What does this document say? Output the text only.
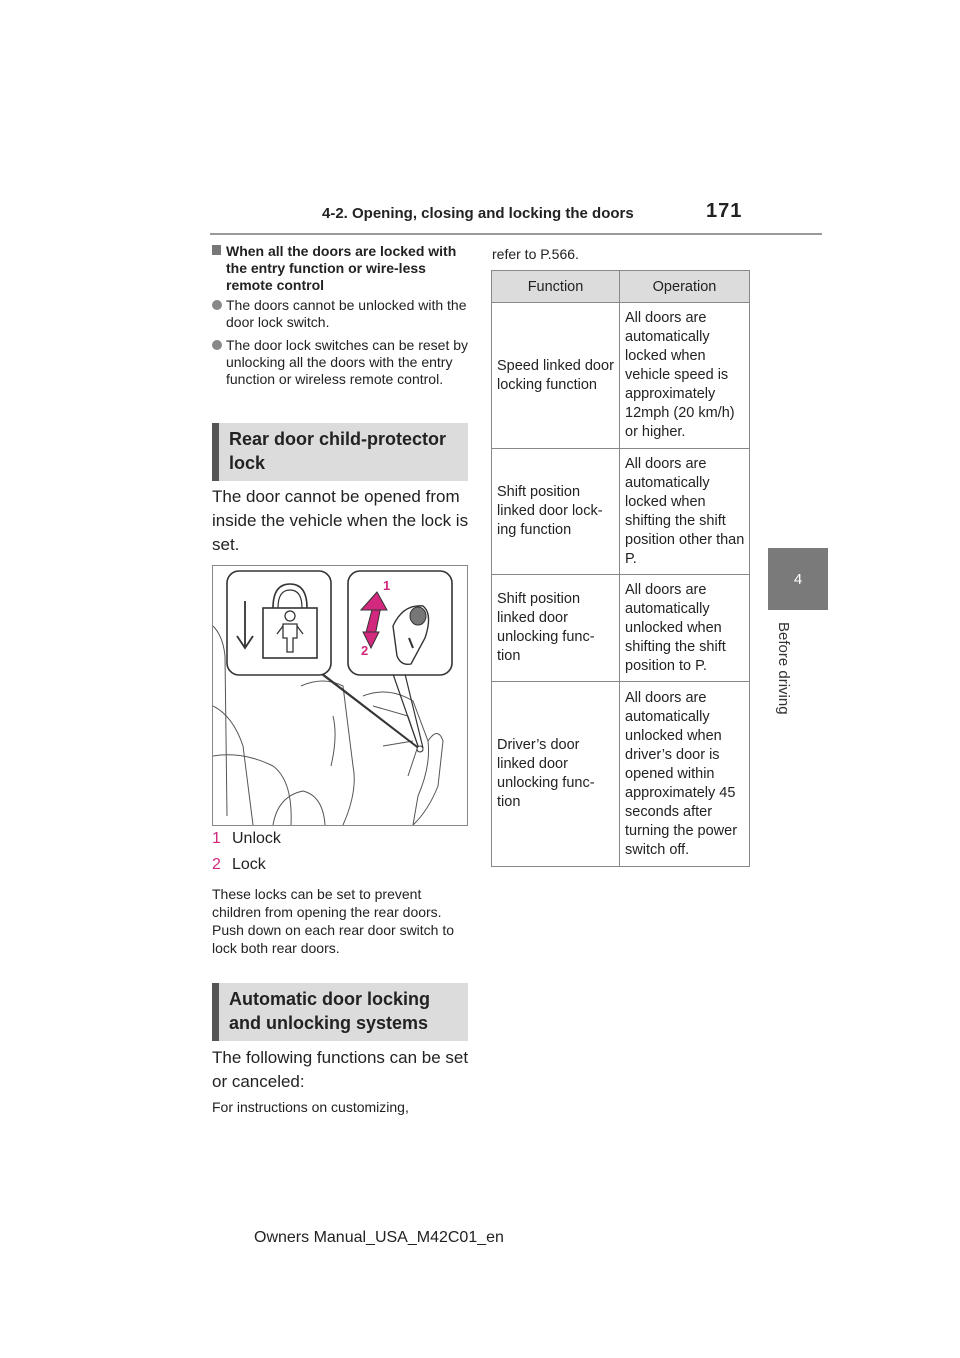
4-2. Opening, closing and locking the doors	171
4
Before driving
When all the doors are locked with the entry function or wire-less remote control
The doors cannot be unlocked with the door lock switch.
The door lock switches can be reset by unlocking all the doors with the entry function or wireless remote control.
Rear door child-protector lock
The door cannot be opened from inside the vehicle when the lock is set.
1
2
1 Unlock
2 Lock
These locks can be set to prevent children from opening the rear doors. Push down on each rear door switch to lock both rear doors.
Automatic door locking and unlocking systems
The following functions can be set or canceled:
For instructions on customizing,
refer to P.566.
Function	Operation
Speed linked door locking function	All doors are automatically locked when vehicle speed is approximately 12mph (20 km/h) or higher.
Shift position linked door lock-ing function	All doors are automatically locked when shifting the shift position other than P.
Shift position linked door unlocking func-tion	All doors are automatically unlocked when shifting the shift position to P.
Driver’s door linked door unlocking func-tion	All doors are automatically unlocked when driver’s door is opened within approximately 45 seconds after turning the power switch off.
Owners Manual_USA_M42C01_en
